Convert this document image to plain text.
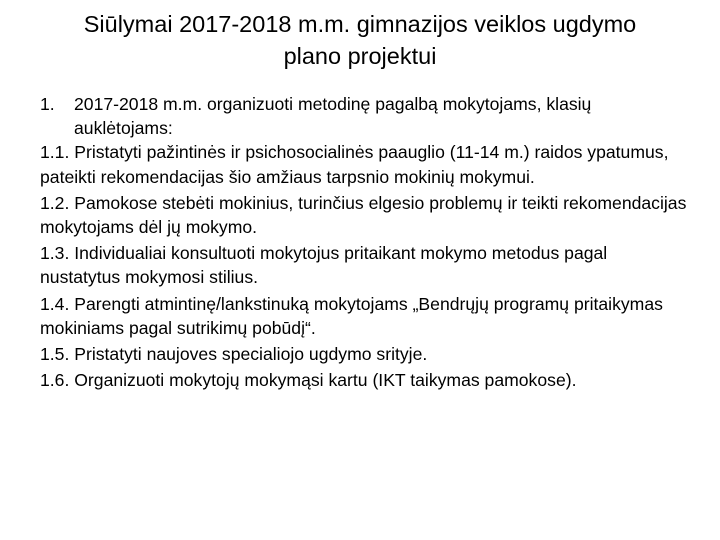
Siūlymai 2017-2018 m.m. gimnazijos veiklos ugdymo
plano projektui
1.	2017-2018 m.m. organizuoti metodinę pagalbą mokytojams, klasių auklėtojams:

1.1. Pristatyti pažintinės ir psichosocialinės paauglio (11-14 m.) raidos ypatumus, pateikti rekomendacijas šio amžiaus tarpsnio mokinių mokymui.

1.2. Pamokose stebėti mokinius, turinčius elgesio problemų ir teikti rekomendacijas mokytojams dėl jų mokymo.

1.3. Individualiai konsultuoti mokytojus pritaikant mokymo metodus pagal nustatytus mokymosi stilius.

1.4. Parengti atmintinę/lankstinuką mokytojams „Bendrųjų programų pritaikymas mokiniams pagal sutrikimų pobūdį“.

1.5. Pristatyti naujoves specialiojo ugdymo srityje.

1.6. Organizuoti mokytojų mokymąsi kartu (IKT taikymas pamokose).
